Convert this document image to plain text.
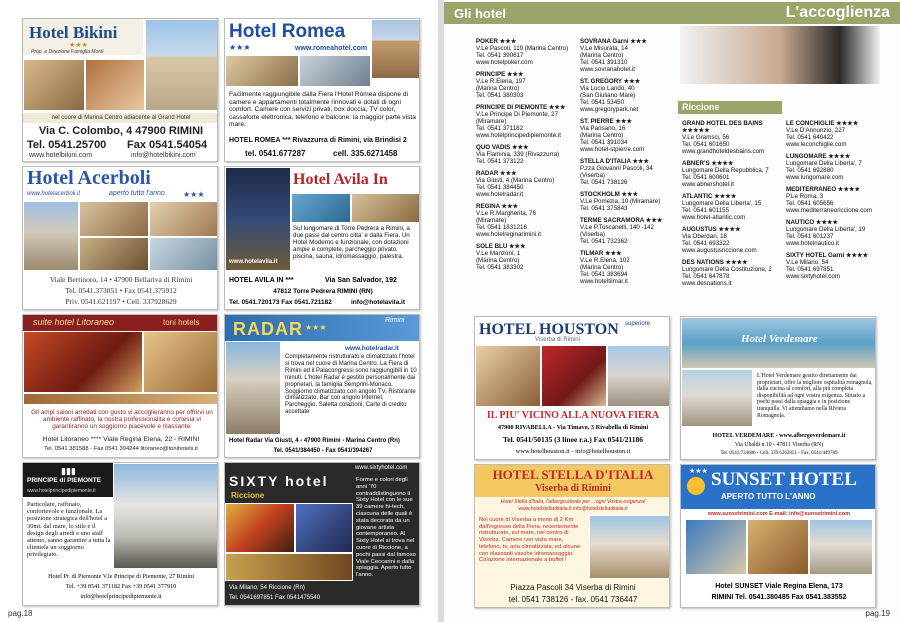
Hotel Bikini
★★★
Prop. e Direzione Famiglia Monti
nel cuore di Marina Centro adiacente al Grand Hotel
Via C. Colombo, 4 47900 RIMINI
Tel. 0541.25700 Fax 0541.54054
www.hotelbikini.com	info@hotelbikini.com
Hotel Romea
★★★	www.romeahotel.com
Facilmente raggiungibile dalla Fiera l'Hotel Romea dispone di camere e appartamenti totalmente rinnovati e dotati di ogni comfort. Camere con servizi privati, box doccia, TV color, cassaforte elettronica, telefono e balcone: la maggior parte vista mare.
HOTEL ROMEA *** Rivazzurra di Rimini, via Brindisi 2
tel. 0541.677287	cell. 335.6271458
Hotel Acerboli
www.hotelacerboli.it	aperto tutto l'anno ★★★
Viale Bertinoro, 14 • 47900 Bellariva di Rimini
Tel. 0541.373051 • Fax 0541.375912
Priv. 0541.621197 • Cell. 337928629
Hotel Avila In
www.hotelavila.it
Sul lungomare di Torre Pedrera a Rimini, a due passi dal centro citta' e dalla Fiera. Un Hotel Moderno e funzionale, con dotazioni ampie e complete, parcheggio privato, piscina, sauna, idromassaggio, palestra.
HOTEL AVILA IN ***	Via San Salvador, 192
47812 Torre Pedrera RIMINI (RN)
Tel. 0541.720173 Fax 0541.721182	info@hotelavila.it
suite hotel Litoraneo	toni hotels
Gli ampi saloni arredati con gusto vi accoglieranno per offrirvi un ambiente raffinato, la nostra professionalita e cortesia vi garantiranno un soggiorno piacevole e rilassante.
Hotel Litoraneo **** Viale Regina Elena, 22 - RIMINI
Tel. 0541 381588 - Fax 0541 394244 litoraneo@tonihotels.it
RADAR ★★★
Rimini
www.hotelradar.it
Completamente ristrutturato e climatizzato l'hotel si trova nel cuore di Marina Centro. La Fiera di Rimini ed il Palacongressi sono raggiungibili in 10 minuti. L'hotel Radar è gestito personalmente dai proprietari, la famiglia Semprini-Monaco. Soggiorno climatizzato con angolo TV, Ristorante climatizzato, Bar con angolo Internet, Parcheggio, Saletta colazioni, Carte di credito accettate
Hotel Radar Via Giusti, 4 - 47900 Rimini - Marina Centro (Rn)
Tel. 0541/384450 - Fax 0541/394267
▮▮▮
PRINCIPE di PIEMONTE
www.hotelprincipedipiemonte.it
Particolare, raffinato, confortevole e funzionale. La posizione strategica dell'hotel a 30mt. dal mare, lo stile e il design degli arredi e uno staff attento, sanno garantire a tutta la clientela un soggiorno privilegiato.
Hotel Pr. di Piemonte V.le Principe di Piemonte, 27 Rimini
Tel. +39 0541 371182 Fax +39 0541 377910
info@hotelprincipedipiemonte.it
www.sixtyhotel.com
SIXTY hotel
Riccione
Forme e colori degli anni '70 contraddistinguono il Sixty Hotel con le sue 39 camere hi-tech, ciascuna delle quali è stata decorata da un giovane artista contemporaneo. Al Sixty Hotel si trova nel cuore di Riccione, a pochi passi dal famoso Viale Ceccarini e dalla spiaggia. Aperto tutto l'anno.
Via Milano, 54 Riccione (Rn)
Tel. 0541697851 Fax 0541475540
pag.18
Gli hotel	L'accoglienza
POKER ★★★
V.Le Pascoli, 119 (Marina Centro)
Tel. 0541 390617
www.hotelpoker.com
PRINCIPE ★★★
V.Le R.Elena, 197
(Marina Centro)
Tel. 0541 380303
PRINCIPE DI PIEMONTE ★★★
V.Le Principe Di Piemonte, 27
(Miramare)
Tel. 0541 371182
www.hotelprincipedipiemonte.it
QUO VADIS ★★★
Via Flaminia, 339 (Rivazzurra)
Tel. 0541 373122
RADAR ★★★
Via Giusti, 4 (Marina Centro)
Tel. 0541 384450
www.hotelradar.it
REGINA ★★★
V.Le R.Margherita, 76
(Miramare)
Tel. 0541 1831216
www.hotelreginarimini.it
SOLE BLU ★★★
V.Le Manzoni, 1
(Marina Centro)
Tel. 0541 383302
SOVRANA Garni ★★★
V.Le Misurata, 14
(Marina Centro)
Tel. 0541 391310
www.sovranahotel.it
ST. GREGORY ★★★
Via Lucio Lando, 40
(San Giuliano Mare)
Tel. 0541 53450
www.gregorypark.net
ST. PIERRE ★★★
Via Parisano, 16
(Marina Centro)
Tel. 0541 391034
www.hotel-stpierre.com
STELLA D'ITALIA ★★★
P.zza Giovanni Pascoli, 34
(Viserba)
Tel. 0541 738126
STOCKHOLM ★★★
V.Le Pomezia, 10 (Miramare)
Tel. 0541 375843
TERME SACRAMORA ★★★
V.Le P.Toscanelli, 140 -142
(Viserba)
Tel. 0541 732362
TILMAR ★★★
V.Le R.Elena, 102
(Marina Centro)
Tel. 0541 383694
www.hoteltilmar.it
Riccione
GRAND HOTEL DES BAINS ★★★★★
V.Le Gramsci, 56
Tel. 0541 601650
www.grandhoteldesbains.com
ABNER'S ★★★★
Lungomare Della Repubblica, 7
Tel. 0541 600601
www.abnershotel.it
ATLANTIC ★★★★
Lungomare Della Liberta', 15
Tel. 0541 601155
www.hotel-atlantic.com
AUGUSTUS ★★★★
Via Oberdan, 18
Tel. 0541 693322
www.augustusriccione.com
DES NATIONS ★★★★
Lungomare Della Costituzione, 2
Tel. 0541 647878
www.desnations.it
LE CONCHIGLIE ★★★★
V.Le D'Annunzio, 227
Tel. 0541 640422
www.leconchiglie.com
LUNGOMARE ★★★★
Lungomare Della Liberta', 7
Tel. 0541 692880
www.lungomare.com
MEDITERRANEO ★★★★
P.Le Roma, 3
Tel. 0541 605656
www.mediterraneoriccione.com
NAUTICO ★★★★
Lungomare Della Liberta', 19
Tel. 0541 601237
www.hotelnautico.it
SIXTY HOTEL Garni ★★★★
V.Le Milano, 54
Tel. 0541 697851
www.sixtyhotel.com
HOTEL HOUSTON superiore
Viserba di Rimini
IL PIU' VICINO ALLA NUOVA FIERA
47900 RIVABELLA - Via Timavo, 3 Rivabella di Rimini
Tel. 0541/50135 (3 linee r.a.) Fax 0541/21186
www.hotelhouston.it - info@hotelhouston.it
Hotel Verdemare
L'Hotel Verdemare gestito direttamente dai proprietari, offre la migliore ospitalità romagnola, dalla cucina al comfort, alla più completa disponibilità ad ogni vostra esigenza. Situato a pochi passi dalla spiaggia e in posizione tranquilla. Vi attendiamo nella Riviera Romagnola.
HOTEL VERDEMARE - www.albergoverdemare.it
Via Ubaldi n.10 - 47811 Viserba (RN)
Tel. 0541/734606 - Cell. 339.6362851 - Fax. 0541/449789
HOTEL STELLA D'ITALIA
Viserba di Rimini
Hotel Stella d'Italia, l'albergo ideale per ...ogni Vostra esigenza!
www.hotelstelladitalia.it info@hotelstelladitalia.it
Nel cuore di Viserba a meno di 2 Km dall'ingresso della Fiera, recentemente ristrutturato, sul mare, nel centro di Viserba. Camere con vista mare, telefono, tv, aria climatizzata, ed alcune con rilassanti vasche idromassaggio. Colazione internazionale a buffet !
Piazza Pascoli 34 Viserba di Rimini
tel. 0541 738126 - fax. 0541 736447
★★★ SUNSET HOTEL
APERTO TUTTO L'ANNO
www.sunsetrimini.com E-mail: info@sunsetrimini.com
Hotel SUNSET Viale Regina Elena, 173
RIMINI Tel. 0541.380485 Fax 0541.383552
pag.19
